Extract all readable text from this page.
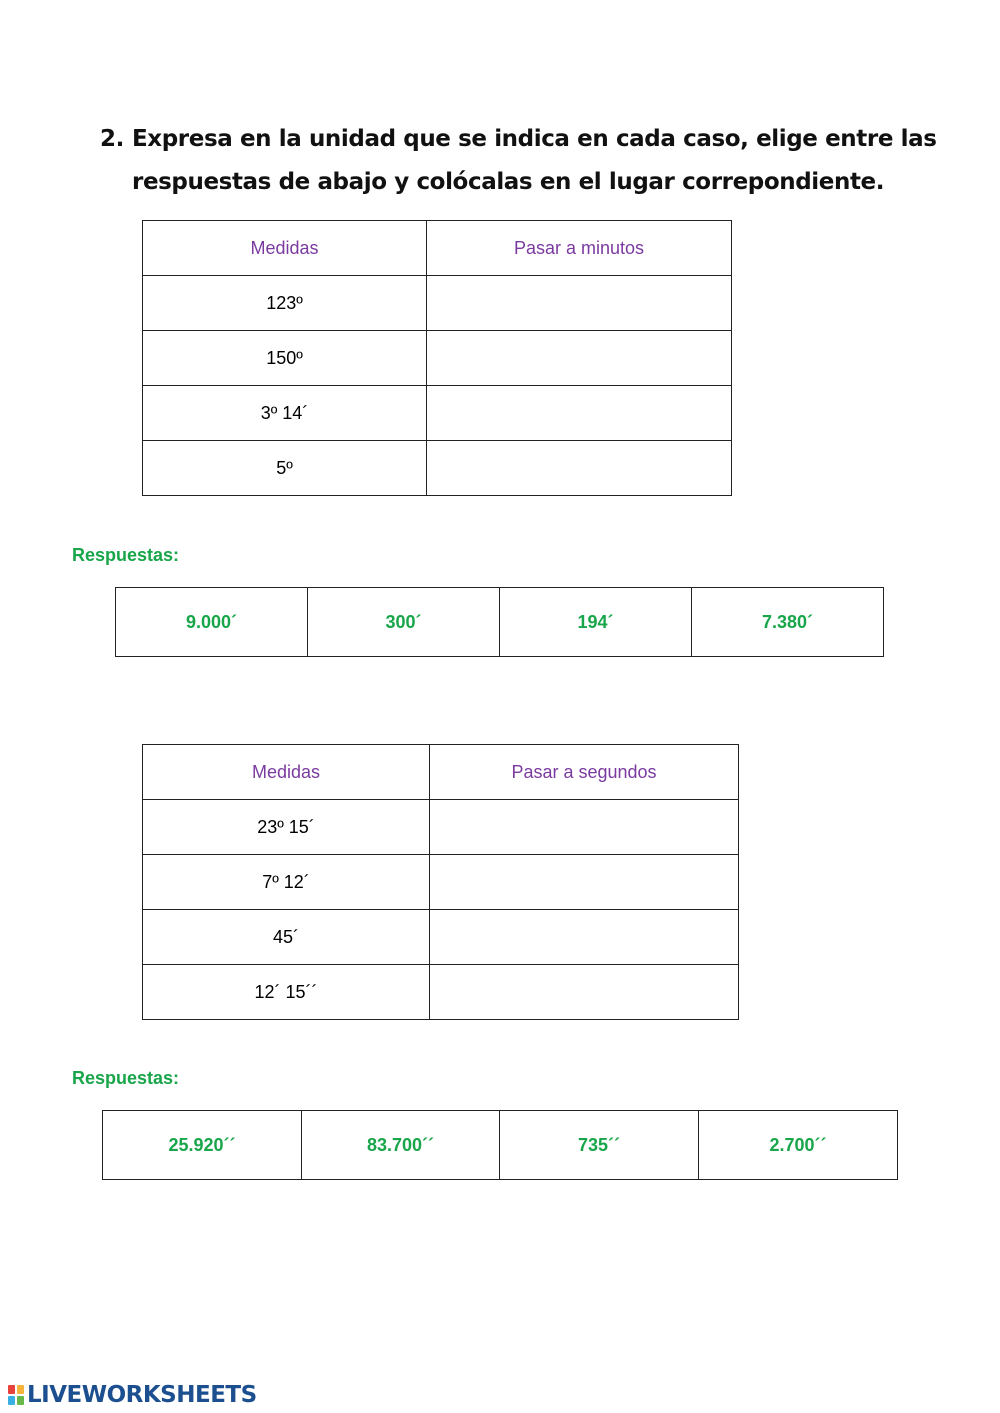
2. Expresa en la unidad que se indica en cada caso, elige entre las
respuestas de abajo y colócalas en el lugar correpondiente.
Medidas	Pasar a minutos
123º	
150º	
3º 14´	
5º	
Respuestas:
9.000´	300´	194´	7.380´
Medidas	Pasar a segundos
23º 15´	
7º 12´	
45´	
12´ 15´´	
Respuestas:
25.920´´	83.700´´	735´´	2.700´´
LIVEWORKSHEETS
